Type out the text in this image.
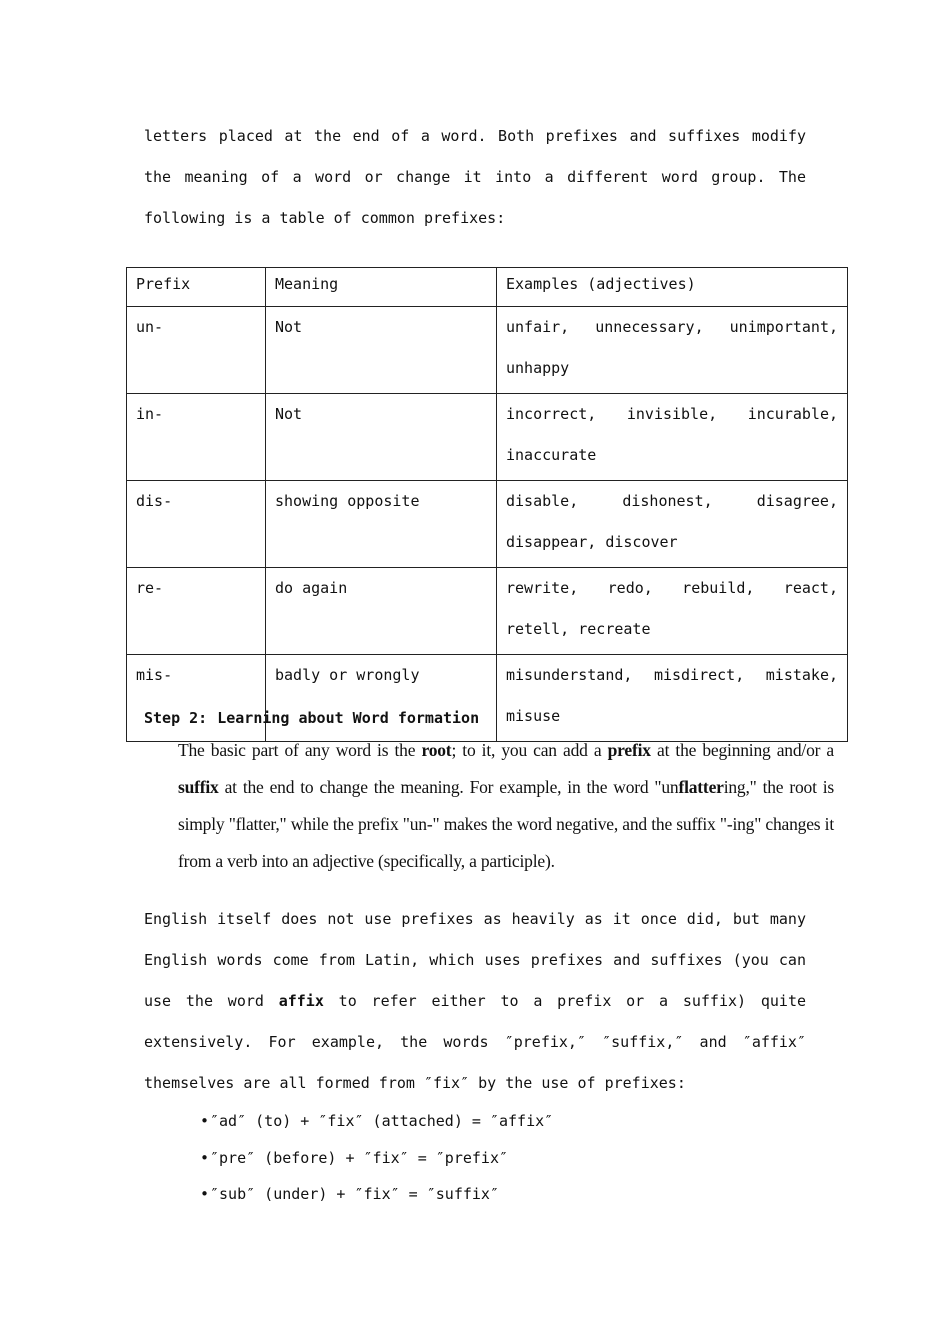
letters placed at the end of a word. Both prefixes and suffixes modify the meaning of a word or change it into a different word group. The following is a table of common prefixes:

Prefix	Meaning	Examples (adjectives)
un-	Not	unfair, unnecessary, unimportant, unhappy
in-	Not	incorrect, invisible, incurable, inaccurate
dis-	showing opposite	disable, dishonest, disagree, disappear, discover
re-	do again	rewrite, redo, rebuild, react, retell, recreate
mis-	badly or wrongly	misunderstand, misdirect, mistake, misuse
Step 2: Learning about Word formation

The basic part of any word is the root; to it, you can add a prefix at the beginning and/or a suffix at the end to change the meaning. For example, in the word "unflattering," the root is simply "flatter," while the prefix "un-" makes the word negative, and the suffix "-ing" changes it from a verb into an adjective (specifically, a participle).

English itself does not use prefixes as heavily as it once did, but many English words come from Latin, which uses prefixes and suffixes (you can use the word affix to refer either to a prefix or a suffix) quite extensively. For example, the words ″prefix,″ ″suffix,″ and ″affix″ themselves are all formed from ″fix″ by the use of prefixes:

•″ad″ (to) + ″fix″ (attached) = ″affix″
•″pre″ (before) + ″fix″ = ″prefix″
•″sub″ (under) + ″fix″ = ″suffix″
